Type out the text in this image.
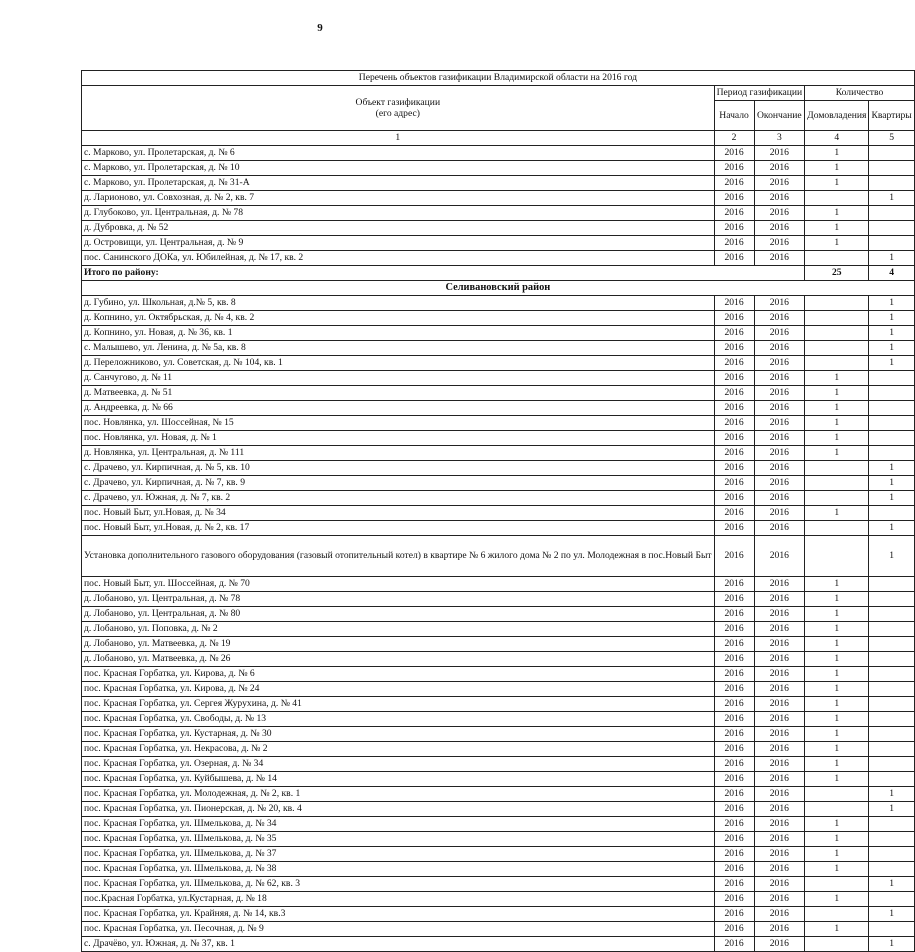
9
Перечень объектов газификации Владимирской области на 2016 год				
Объект газификации
(его адрес)	Период газификации		Количество	
	Начало	Окончание	Домовладения	Квартиры
1	2	3	4	5
с. Марково, ул. Пролетарская, д. № 6	2016	2016	1	
с. Марково, ул. Пролетарская, д. № 10	2016	2016	1	
с. Марково, ул. Пролетарская, д. № 31-А	2016	2016	1	
д. Ларионово, ул. Совхозная, д. № 2, кв. 7	2016	2016		1
д. Глубоково, ул. Центральная, д. № 78	2016	2016	1	
д. Дубровка, д. № 52	2016	2016	1	
д. Островищи, ул. Центральная, д. № 9	2016	2016	1	
пос. Санинского ДОКа, ул. Юбилейная, д. № 17, кв. 2	2016	2016		1
Итого по району:			25	4
Селивановский район				
д. Губино, ул. Школьная, д.№ 5, кв. 8	2016	2016		1
д. Копнино, ул. Октябрьская, д. № 4, кв. 2	2016	2016		1
д. Копнино, ул. Новая, д. № 36, кв. 1	2016	2016		1
с. Малышево, ул. Ленина, д. № 5а, кв. 8	2016	2016		1
д. Переложниково, ул. Советская, д. № 104, кв. 1	2016	2016		1
д. Санчугово, д. № 11	2016	2016	1	
д. Матвеевка, д. № 51	2016	2016	1	
д. Андреевка, д. № 66	2016	2016	1	
пос. Новлянка, ул. Шоссейная, № 15	2016	2016	1	
пос. Новлянка, ул. Новая, д. № 1	2016	2016	1	
д. Новлянка, ул. Центральная, д. № 111	2016	2016	1	
с. Драчево, ул. Кирпичная, д. № 5, кв. 10	2016	2016		1
с. Драчево, ул. Кирпичная, д. № 7, кв. 9	2016	2016		1
с. Драчево, ул. Южная, д. № 7, кв. 2	2016	2016		1
пос. Новый Быт, ул.Новая, д. № 34	2016	2016	1	
пос. Новый Быт, ул.Новая, д. № 2, кв. 17	2016	2016		1
Установка дополнительного газового оборудования (газовый отопительный котел) в квартире № 6 жилого дома № 2 по ул. Молодежная в пос.Новый Быт	2016	2016		1
пос. Новый Быт, ул. Шоссейная, д. № 70	2016	2016	1	
д. Лобаново, ул. Центральная, д. № 78	2016	2016	1	
д. Лобаново, ул. Центральная, д. № 80	2016	2016	1	
д. Лобаново, ул. Поповка, д. № 2	2016	2016	1	
д. Лобаново, ул. Матвеевка, д. № 19	2016	2016	1	
д. Лобаново, ул. Матвеевка, д. № 26	2016	2016	1	
пос. Красная Горбатка, ул. Кирова, д. № 6	2016	2016	1	
пос. Красная Горбатка, ул. Кирова, д. № 24	2016	2016	1	
пос. Красная Горбатка, ул. Сергея Журухина, д. № 41	2016	2016	1	
пос. Красная Горбатка, ул. Свободы, д. № 13	2016	2016	1	
пос. Красная Горбатка, ул. Кустарная, д. № 30	2016	2016	1	
пос. Красная Горбатка, ул. Некрасова, д. № 2	2016	2016	1	
пос. Красная Горбатка, ул. Озерная, д. № 34	2016	2016	1	
пос. Красная Горбатка, ул. Куйбышева, д. № 14	2016	2016	1	
пос. Красная Горбатка, ул. Молодежная, д. № 2, кв. 1	2016	2016		1
пос. Красная Горбатка, ул. Пионерская, д. № 20, кв. 4	2016	2016		1
пос. Красная Горбатка, ул. Шмелькова, д. № 34	2016	2016	1	
пос. Красная Горбатка, ул. Шмелькова, д. № 35	2016	2016	1	
пос. Красная Горбатка, ул. Шмелькова, д. № 37	2016	2016	1	
пос. Красная Горбатка, ул. Шмелькова, д. № 38	2016	2016	1	
пос. Красная Горбатка, ул. Шмелькова, д. № 62, кв. 3	2016	2016		1
пос.Красная Горбатка, ул.Кустарная, д. № 18	2016	2016	1	
пос. Красная Горбатка, ул. Крайняя, д. № 14, кв.3	2016	2016		1
пос. Красная Горбатка, ул. Песочная, д. № 9	2016	2016	1	
с. Драчёво, ул. Южная, д. № 37, кв. 1	2016	2016		1
